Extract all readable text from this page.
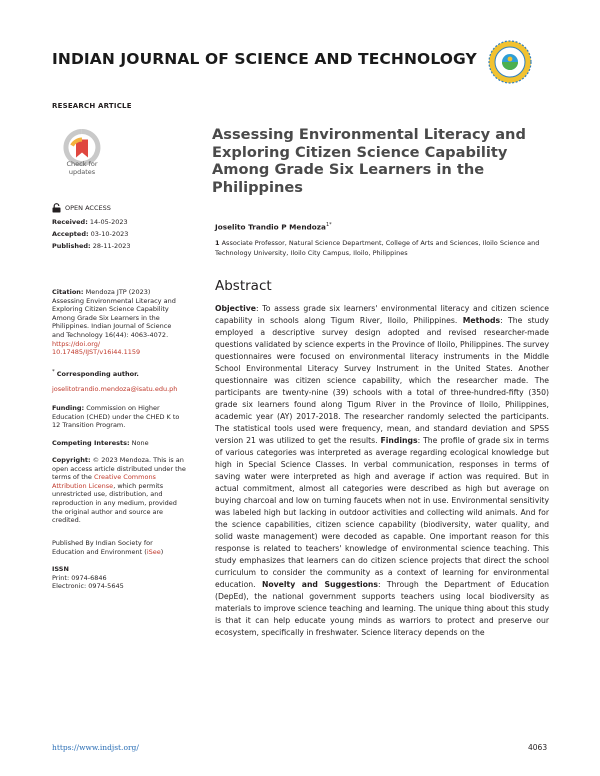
INDIAN JOURNAL OF SCIENCE AND TECHNOLOGY
RESEARCH ARTICLE
Check for
updates
OPEN ACCESS
Received: 14-05-2023
Accepted: 03-10-2023
Published: 28-11-2023
Citation: Mendoza JTP (2023) Assessing Environmental Literacy and Exploring Citizen Science Capability Among Grade Six Learners in the Philippines. Indian Journal of Science and Technology 16(44): 4063-4072. https://doi.org/ 10.17485/IJST/v16i44.1159
* Corresponding author.
joselitotrandio.mendoza@isatu.edu.ph
Funding: Commission on Higher Education (CHED) under the CHED K to 12 Transition Program.
Competing Interests: None
Copyright: © 2023 Mendoza. This is an open access article distributed under the terms of the Creative Commons Attribution License, which permits unrestricted use, distribution, and reproduction in any medium, provided the original author and source are credited.
Published By Indian Society for Education and Environment (iSee)
ISSN
Print: 0974-6846
Electronic: 0974-5645
Assessing Environmental Literacy and Exploring Citizen Science Capability Among Grade Six Learners in the Philippines
Joselito Trandio P Mendoza$^{1*}$
1 Associate Professor, Natural Science Department, College of Arts and Sciences, Iloilo Science and Technology University, Iloilo City Campus, Iloilo, Philippines
Abstract
Objective: To assess grade six learners' environmental literacy and citizen science capability in schools along Tigum River, Iloilo, Philippines. Methods: The study employed a descriptive survey design adopted and revised researcher-made questions validated by science experts in the Province of Iloilo, Philippines. The survey questionnaires were focused on environmental literacy instruments in the Middle School Environmental Literacy Survey Instrument in the United States. Another questionnaire was citizen science capability, which the researcher made. The participants are twenty-nine (39) schools with a total of three-hundred-fifty (350) grade six learners found along Tigum River in the Province of Iloilo, Philippines, academic year (AY) 2017-2018. The researcher randomly selected the participants. The statistical tools used were frequency, mean, and standard deviation and SPSS version 21 was utilized to get the results. Findings: The profile of grade six in terms of various categories was interpreted as average regarding ecological knowledge but high in Special Science Classes. In verbal communication, responses in terms of saving water were interpreted as high and average if action was required. But in actual commitment, almost all categories were described as high but average on buying charcoal and low on turning faucets when not in use. Environmental sensitivity was labeled high but lacking in outdoor activities and collecting wild animals. And for the science capabilities, citizen science capability (biodiversity, water quality, and solid waste management) were decoded as capable. One important reason for this response is related to teachers' knowledge of environmental science teaching. This study emphasizes that learners can do citizen science projects that direct the school curriculum to consider the community as a context of learning for environmental education. Novelty and Suggestions: Through the Department of Education (DepEd), the national government supports teachers using local biodiversity as materials to improve science teaching and learning. The unique thing about this study is that it can help educate young minds as warriors to protect and preserve our ecosystem, specifically in freshwater. Science literacy depends on the
https://www.indjst.org/	4063
